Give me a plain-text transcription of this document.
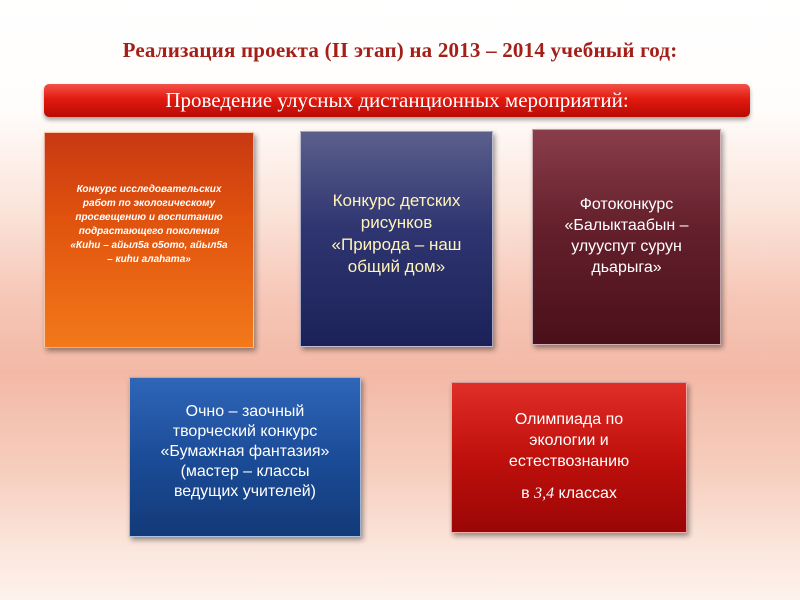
Реализация проекта (II этап) на 2013 – 2014 учебный год:
Проведение улусных дистанционных мероприятий:

Конкурс исследовательских

работ по экологическому

просвещению и воспитанию

подрастающего поколения

«Киhи – айыл5а о5ото, айыл5а

– киhи алаhата»

Конкурс детских

рисунков

«Природа – наш

общий дом»

Фотоконкурс

«Балыктаабын –

улууспут сурун

дьарыга»

Очно – заочный

творческий конкурс

«Бумажная фантазия»

(мастер – классы

ведущих учителей)

Олимпиада по

экологии и

естествознанию

в 3,4 классах
